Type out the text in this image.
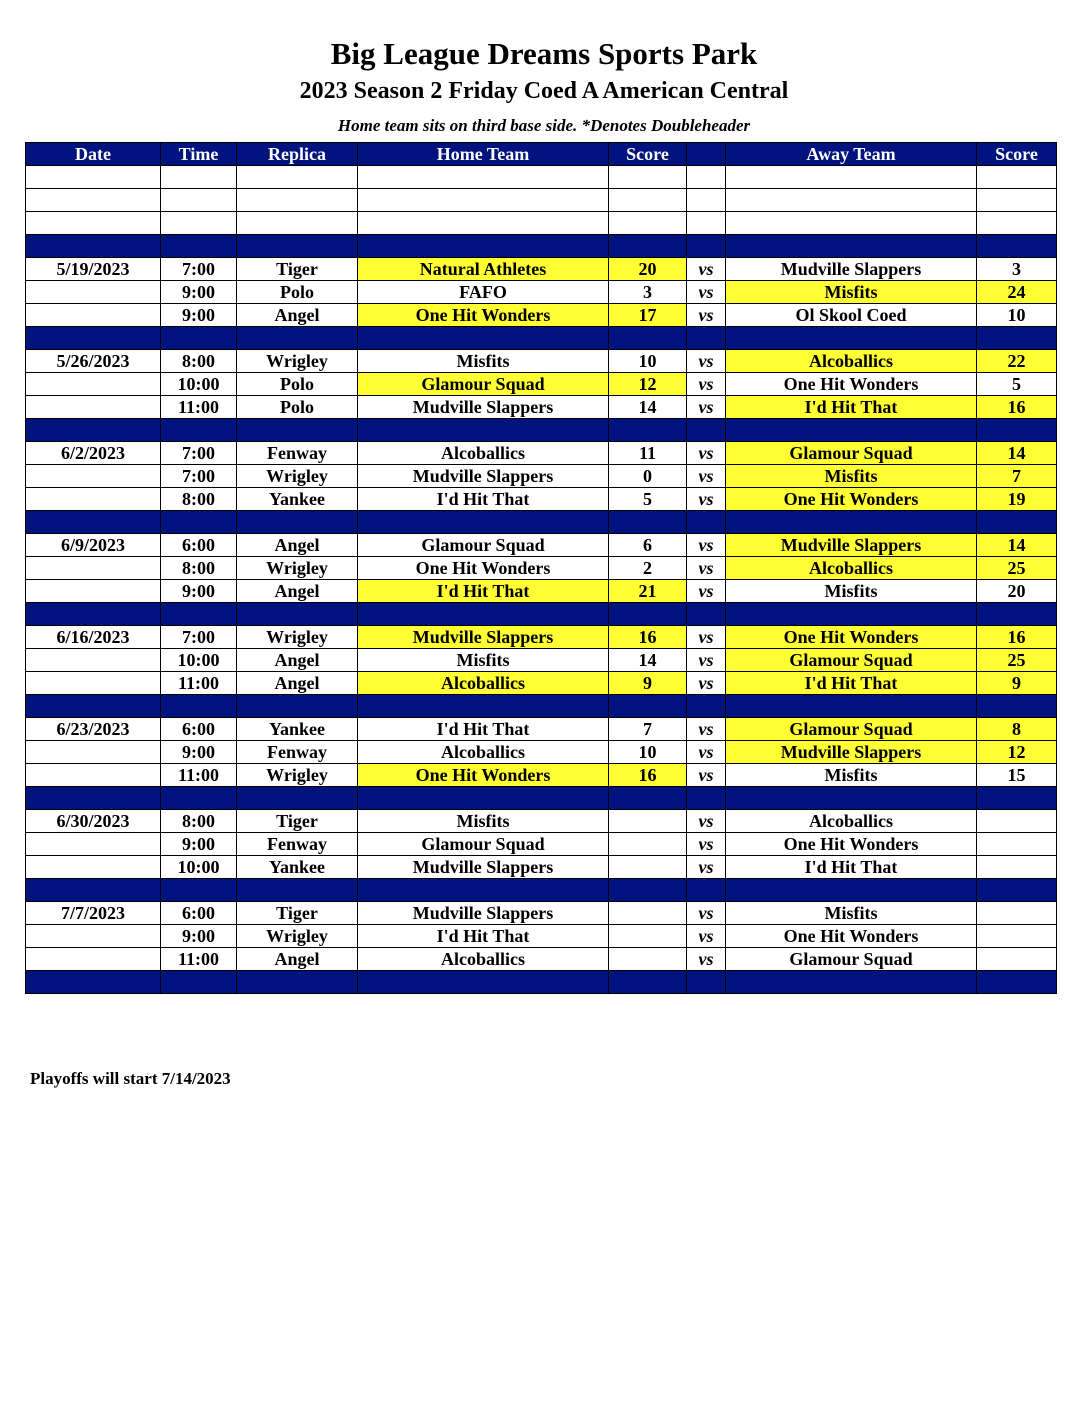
Big League Dreams Sports Park
2023 Season 2 Friday Coed A American Central
Home team sits on third base side. *Denotes Doubleheader
Date	Time	Replica	Home Team	Score		Away Team	Score

5/19/2023	7:00	Tiger	Natural Athletes	20	vs	Mudville Slappers	3
	9:00	Polo	FAFO	3	vs	Misfits	24
	9:00	Angel	One Hit Wonders	17	vs	Ol Skool Coed	10

5/26/2023	8:00	Wrigley	Misfits	10	vs	Alcoballics	22
	10:00	Polo	Glamour Squad	12	vs	One Hit Wonders	5
	11:00	Polo	Mudville Slappers	14	vs	I'd Hit That	16

6/2/2023	7:00	Fenway	Alcoballics	11	vs	Glamour Squad	14
	7:00	Wrigley	Mudville Slappers	0	vs	Misfits	7
	8:00	Yankee	I'd Hit That	5	vs	One Hit Wonders	19

6/9/2023	6:00	Angel	Glamour Squad	6	vs	Mudville Slappers	14
	8:00	Wrigley	One Hit Wonders	2	vs	Alcoballics	25
	9:00	Angel	I'd Hit That	21	vs	Misfits	20

6/16/2023	7:00	Wrigley	Mudville Slappers	16	vs	One Hit Wonders	16
	10:00	Angel	Misfits	14	vs	Glamour Squad	25
	11:00	Angel	Alcoballics	9	vs	I'd Hit That	9

6/23/2023	6:00	Yankee	I'd Hit That	7	vs	Glamour Squad	8
	9:00	Fenway	Alcoballics	10	vs	Mudville Slappers	12
	11:00	Wrigley	One Hit Wonders	16	vs	Misfits	15

6/30/2023	8:00	Tiger	Misfits		vs	Alcoballics	
	9:00	Fenway	Glamour Squad		vs	One Hit Wonders	
	10:00	Yankee	Mudville Slappers		vs	I'd Hit That	

7/7/2023	6:00	Tiger	Mudville Slappers		vs	Misfits	
	9:00	Wrigley	I'd Hit That		vs	One Hit Wonders	
	11:00	Angel	Alcoballics		vs	Glamour Squad	

Playoffs will start 7/14/2023
